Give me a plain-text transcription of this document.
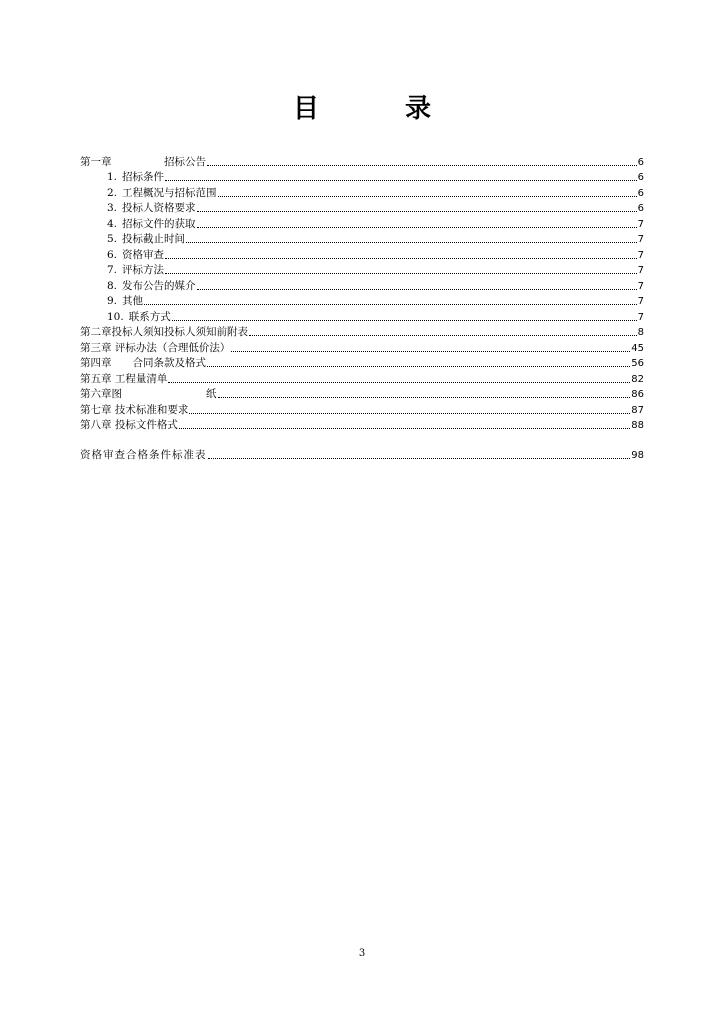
目　录
第一章　　　　　招标公告	6
1. 招标条件	6
2. 工程概况与招标范围	6
3. 投标人资格要求	6
4. 招标文件的获取	7
5. 投标截止时间	7
6. 资格审查	7
7. 评标方法	7
8. 发布公告的媒介	7
9. 其他	7
10. 联系方式	7
第二章投标人须知投标人须知前附表	8
第三章 评标办法（合理低价法）	45
第四章　　合同条款及格式	56
第五章 工程量清单	82
第六章图　　　　　　　　纸	86
第七章 技术标准和要求	87
第八章 投标文件格式	88
资格审查合格条件标准表	98
3
